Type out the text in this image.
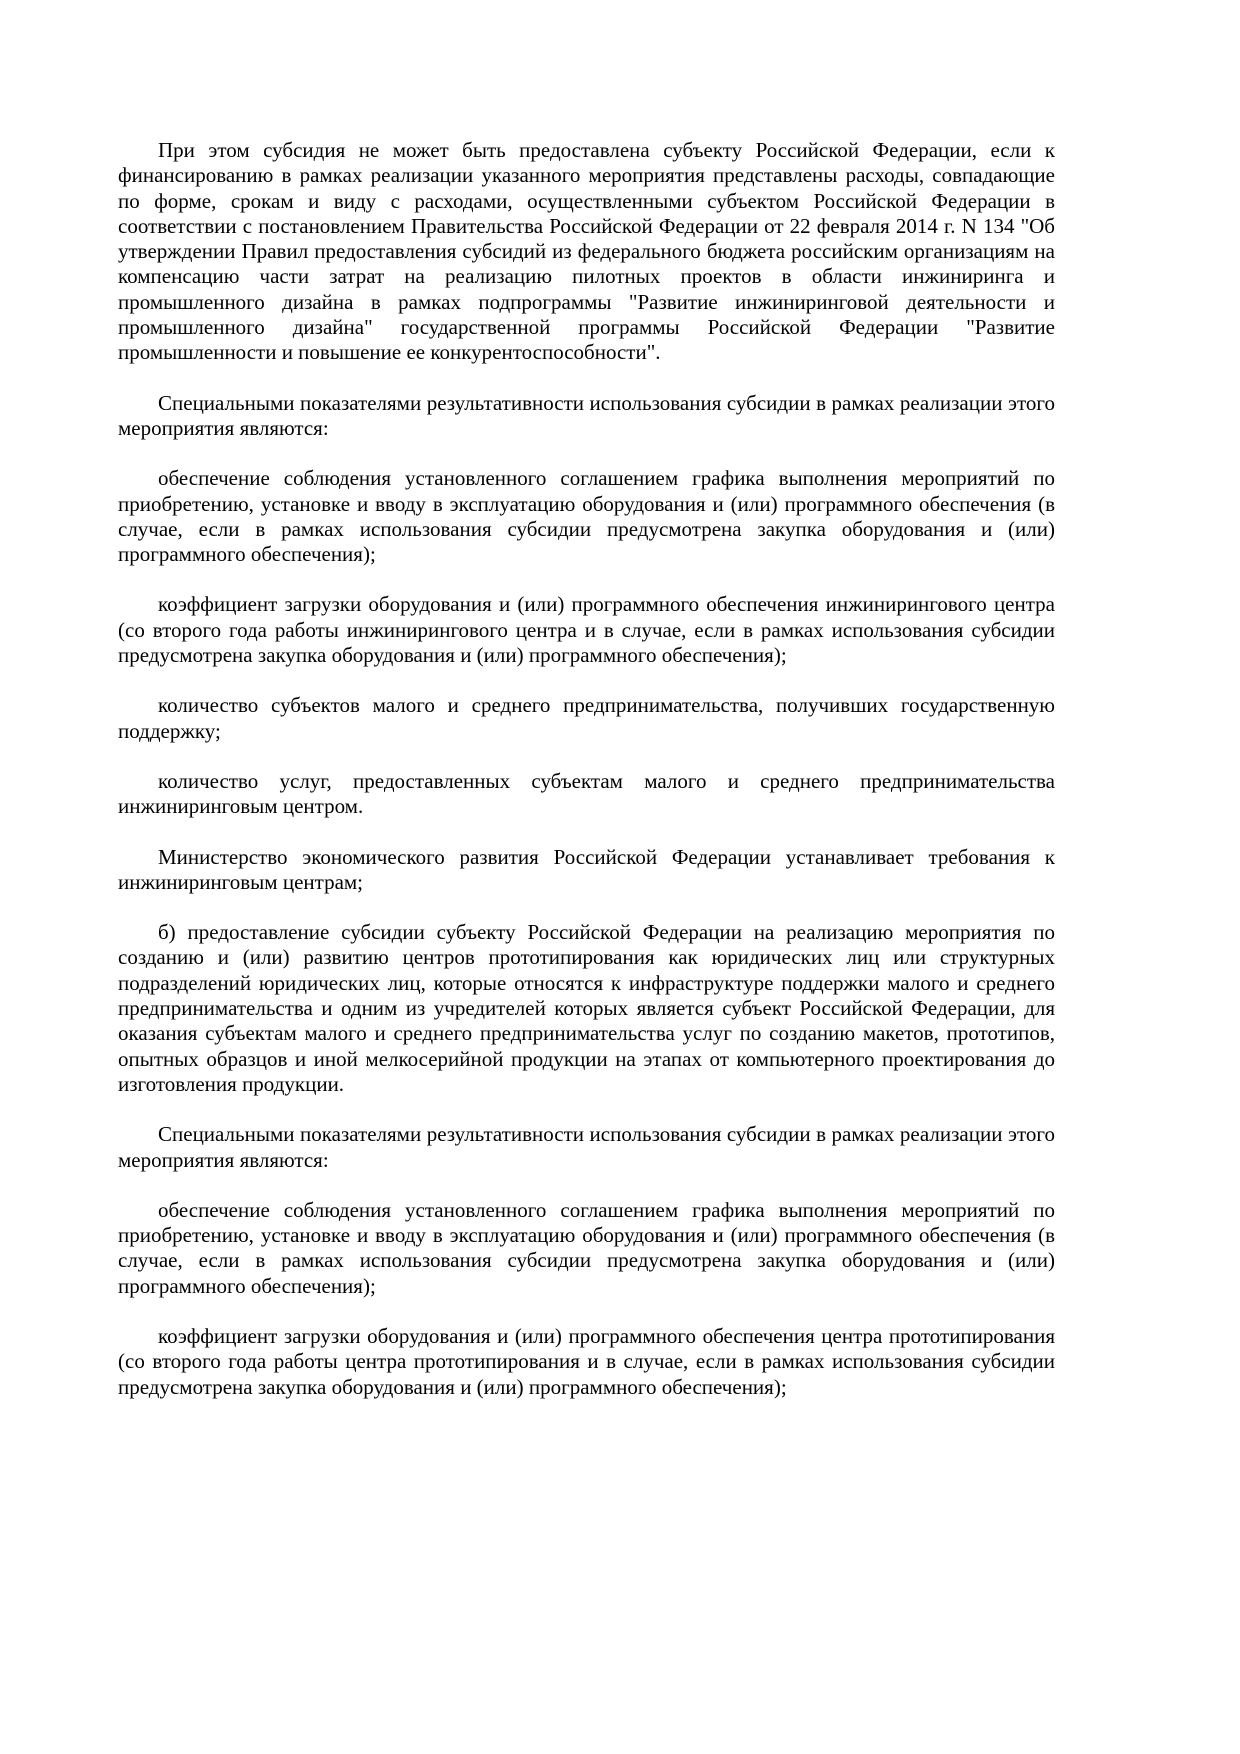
При этом субсидия не может быть предоставлена субъекту Российской Федерации, если к финансированию в рамках реализации указанного мероприятия представлены расходы, совпадающие по форме, срокам и виду с расходами, осуществленными субъектом Российской Федерации в соответствии с постановлением Правительства Российской Федерации от 22 февраля 2014 г. N 134 "Об утверждении Правил предоставления субсидий из федерального бюджета российским организациям на компенсацию части затрат на реализацию пилотных проектов в области инжиниринга и промышленного дизайна в рамках подпрограммы "Развитие инжиниринговой деятельности и промышленного дизайна" государственной программы Российской Федерации "Развитие промышленности и повышение ее конкурентоспособности".

Специальными показателями результативности использования субсидии в рамках реализации этого мероприятия являются:

обеспечение соблюдения установленного соглашением графика выполнения мероприятий по приобретению, установке и вводу в эксплуатацию оборудования и (или) программного обеспечения (в случае, если в рамках использования субсидии предусмотрена закупка оборудования и (или) программного обеспечения);

коэффициент загрузки оборудования и (или) программного обеспечения инжинирингового центра (со второго года работы инжинирингового центра и в случае, если в рамках использования субсидии предусмотрена закупка оборудования и (или) программного обеспечения);

количество субъектов малого и среднего предпринимательства, получивших государственную поддержку;

количество услуг, предоставленных субъектам малого и среднего предпринимательства инжиниринговым центром.

Министерство экономического развития Российской Федерации устанавливает требования к инжиниринговым центрам;

б) предоставление субсидии субъекту Российской Федерации на реализацию мероприятия по созданию и (или) развитию центров прототипирования как юридических лиц или структурных подразделений юридических лиц, которые относятся к инфраструктуре поддержки малого и среднего предпринимательства и одним из учредителей которых является субъект Российской Федерации, для оказания субъектам малого и среднего предпринимательства услуг по созданию макетов, прототипов, опытных образцов и иной мелкосерийной продукции на этапах от компьютерного проектирования до изготовления продукции.

Специальными показателями результативности использования субсидии в рамках реализации этого мероприятия являются:

обеспечение соблюдения установленного соглашением графика выполнения мероприятий по приобретению, установке и вводу в эксплуатацию оборудования и (или) программного обеспечения (в случае, если в рамках использования субсидии предусмотрена закупка оборудования и (или) программного обеспечения);

коэффициент загрузки оборудования и (или) программного обеспечения центра прототипирования (со второго года работы центра прототипирования и в случае, если в рамках использования субсидии предусмотрена закупка оборудования и (или) программного обеспечения);
